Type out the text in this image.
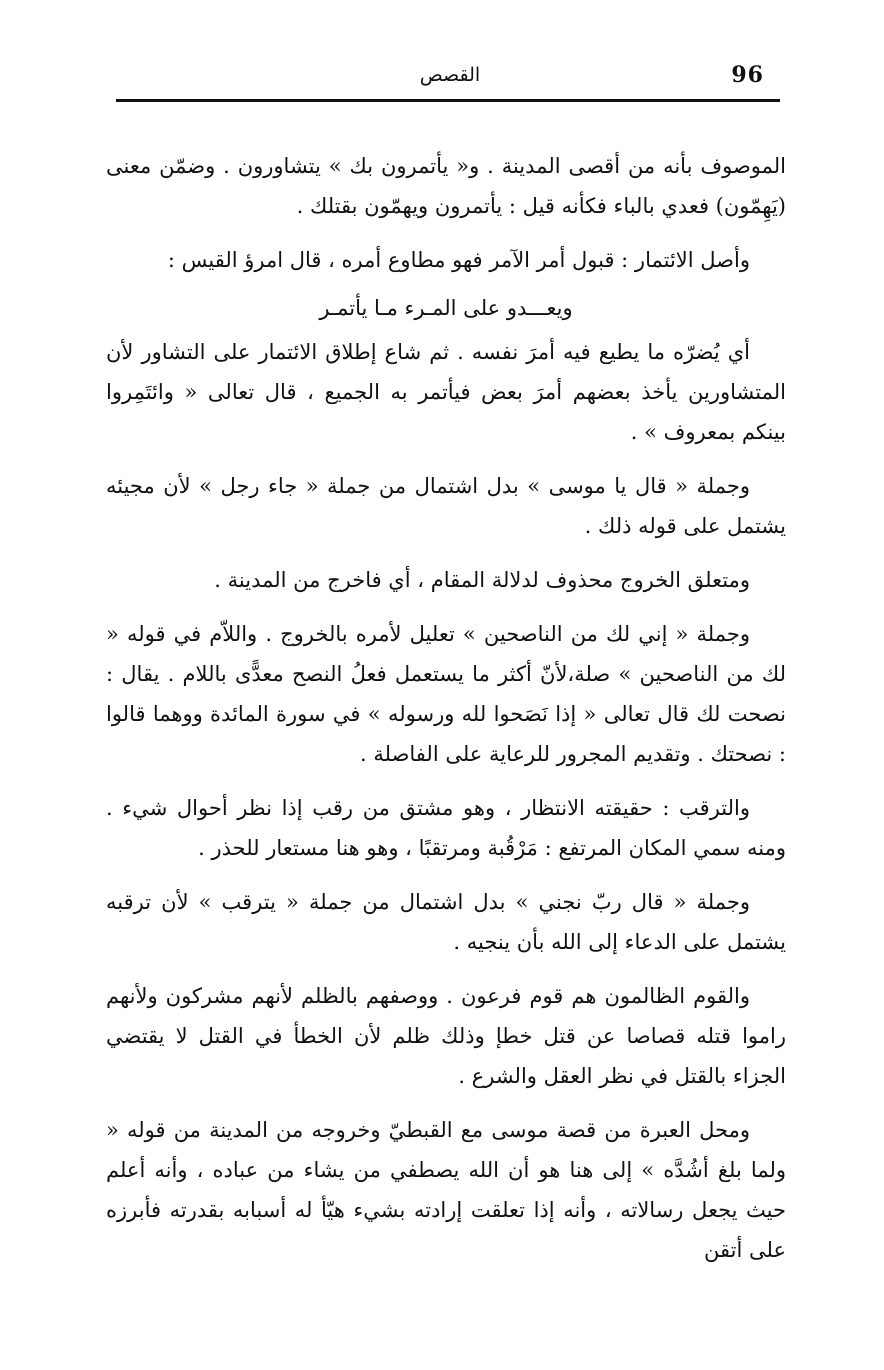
96
القصص

الموصوف بأنه من أقصى المدينة . و« يأتمرون بك » يتشاورون . وضمّن معنى (يَهِمّون) فعدي بالباء فكأنه قيل : يأتمرون ويهمّون بقتلك .

وأصل الائتمار : قبول أمر الآمر فهو مطاوع أمره ، قال امرؤ القيس :

ويعـــدو على المـرء مـا يأتمـر

أي يُضرّه ما يطيع فيه أمرَ نفسه . ثم شاع إطلاق الائتمار على التشاور لأن المتشاورين يأخذ بعضهم أمرَ بعض فيأتمر به الجميع ، قال تعالى « وائتَمِروا بينكم بمعروف » .

وجملة « قال يا موسى » بدل اشتمال من جملة « جاء رجل » لأن مجيئه يشتمل على قوله ذلك .

ومتعلق الخروج محذوف لدلالة المقام ، أي فاخرج من المدينة .

وجملة « إني لك من الناصحين » تعليل لأمره بالخروج . واللاّم في قوله « لك من الناصحين » صلة،لأنّ أكثر ما يستعمل فعلُ النصح معدًّى باللام . يقال : نصحت لك قال تعالى « إذا نَصَحوا لله ورسوله » في سورة المائدة ووهما قالوا : نصحتك . وتقديم المجرور للرعاية على الفاصلة .

والترقب : حقيقته الانتظار ، وهو مشتق من رقب إذا نظر أحوال شيء . ومنه سمي المكان المرتفع : مَرْقُبة ومرتقبًا ، وهو هنا مستعار للحذر .

وجملة « قال ربّ نجني » بدل اشتمال من جملة « يترقب » لأن ترقبه يشتمل على الدعاء إلى الله بأن ينجيه .

والقوم الظالمون هم قوم فرعون . ووصفهم بالظلم لأنهم مشركون ولأنهم راموا قتله قصاصا عن قتل خطإ وذلك ظلم لأن الخطأ في القتل لا يقتضي الجزاء بالقتل في نظر العقل والشرع .

ومحل العبرة من قصة موسى مع القبطيّ وخروجه من المدينة من قوله « ولما بلغ أشُدَّه » إلى هنا هو أن الله يصطفي من يشاء من عباده ، وأنه أعلم حيث يجعل رسالاته ، وأنه إذا تعلقت إرادته بشيء هيّأ له أسبابه بقدرته فأبرزه على أتقن
